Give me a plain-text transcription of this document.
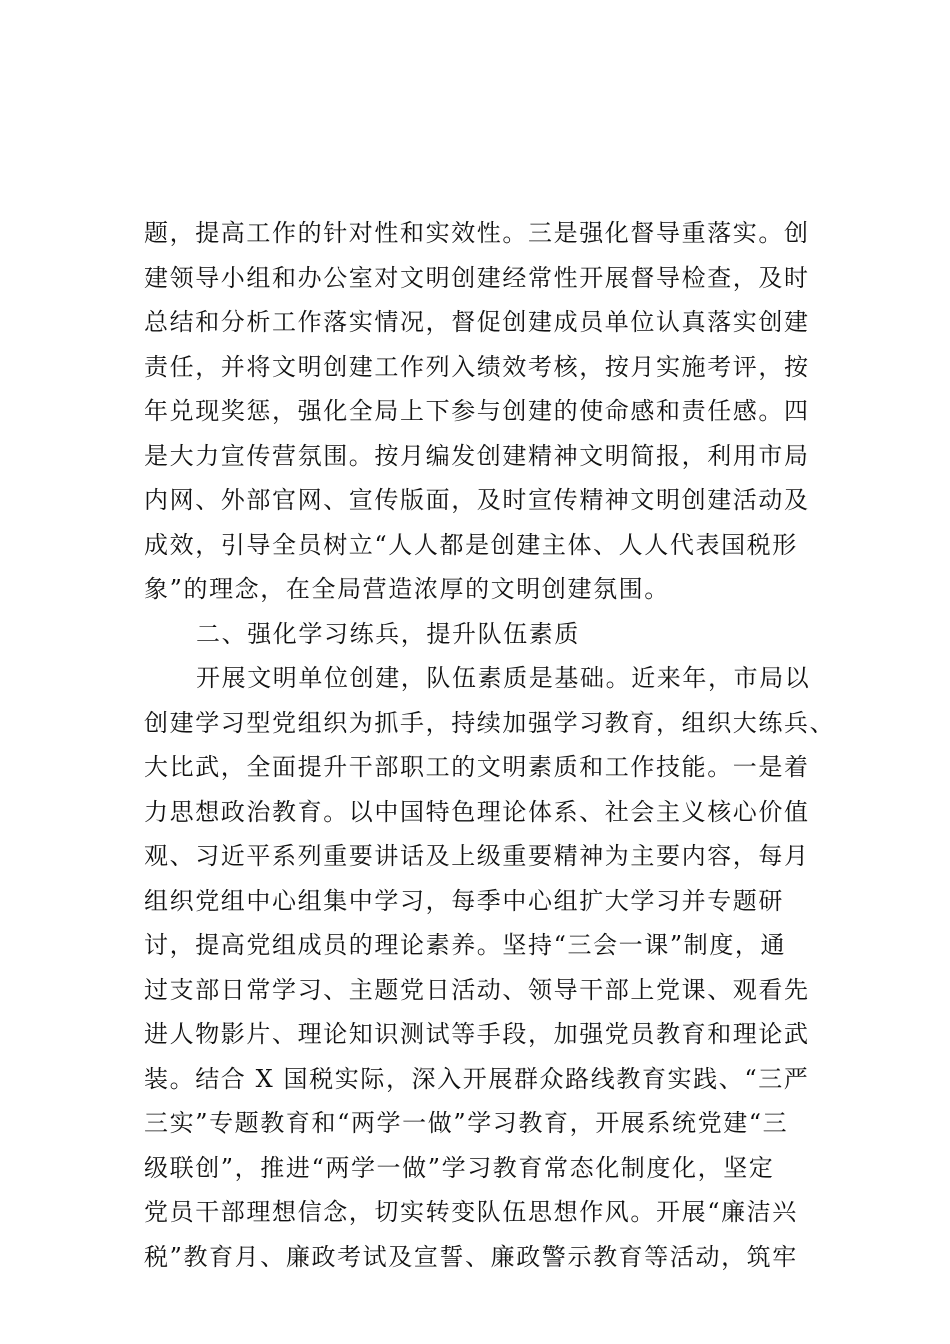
题，提高工作的针对性和实效性。三是强化督导重落实。创
建领导小组和办公室对文明创建经常性开展督导检查，及时
总结和分析工作落实情况，督促创建成员单位认真落实创建
责任，并将文明创建工作列入绩效考核，按月实施考评，按
年兑现奖惩，强化全局上下参与创建的使命感和责任感。四
是大力宣传营氛围。按月编发创建精神文明简报，利用市局
内网、外部官网、宣传版面，及时宣传精神文明创建活动及
成效，引导全员树立“人人都是创建主体、人人代表国税形
象”的理念，在全局营造浓厚的文明创建氛围。
二、强化学习练兵，提升队伍素质
开展文明单位创建，队伍素质是基础。近来年，市局以
创建学习型党组织为抓手，持续加强学习教育，组织大练兵、
大比武，全面提升干部职工的文明素质和工作技能。一是着
力思想政治教育。以中国特色理论体系、社会主义核心价值
观、习近平系列重要讲话及上级重要精神为主要内容，每月
组织党组中心组集中学习，每季中心组扩大学习并专题研
讨，提高党组成员的理论素养。坚持“三会一课”制度，通
过支部日常学习、主题党日活动、领导干部上党课、观看先
进人物影片、理论知识测试等手段，加强党员教育和理论武
装。结合 X 国税实际，深入开展群众路线教育实践、“三严
三实”专题教育和“两学一做”学习教育，开展系统党建“三
级联创”，推进“两学一做”学习教育常态化制度化，坚定
党员干部理想信念，切实转变队伍思想作风。开展“廉洁兴
税”教育月、廉政考试及宣誓、廉政警示教育等活动，筑牢
